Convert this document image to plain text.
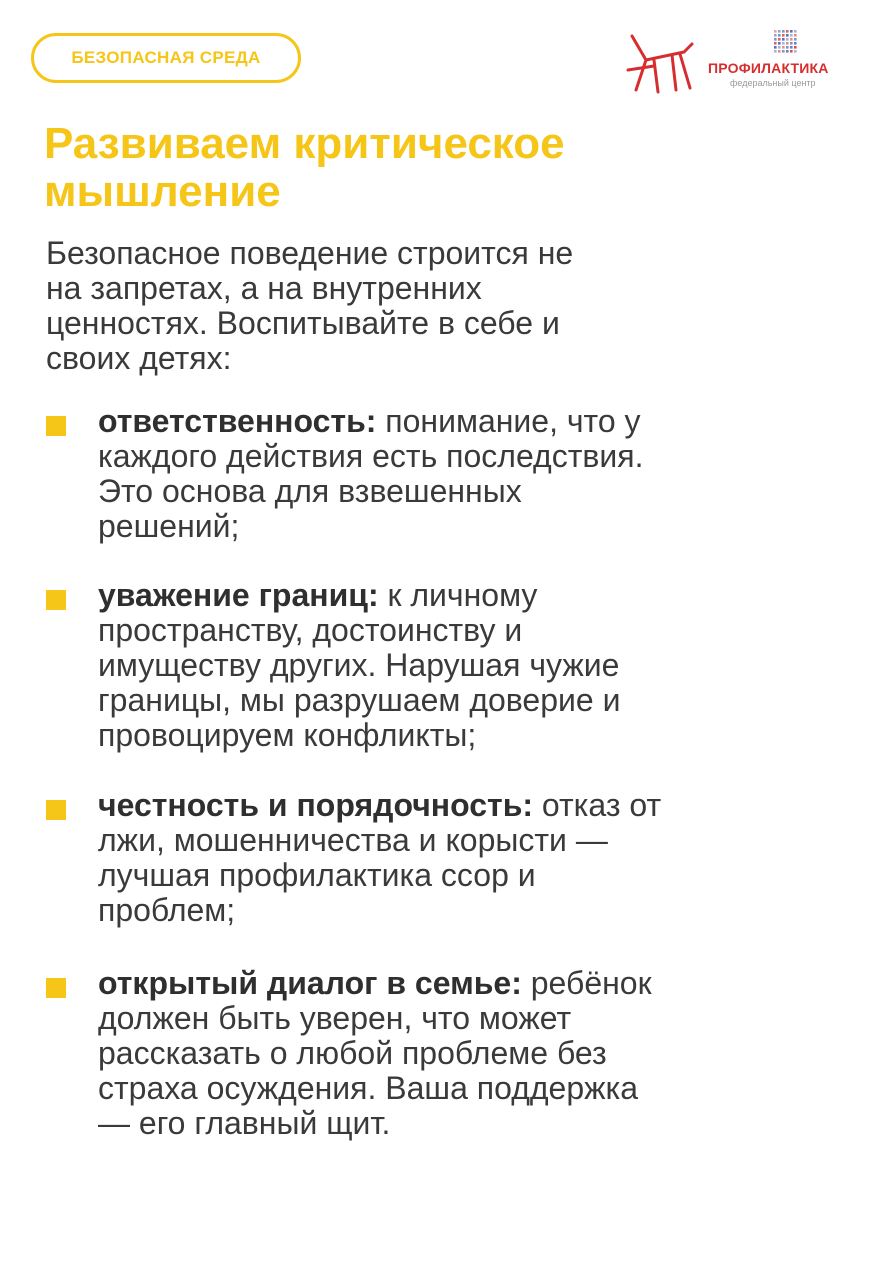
БЕЗОПАСНАЯ СРЕДА
ПРОФИЛАКТИКА
федеральный центр
Развиваем критическое
мышление

Безопасное поведение строится не
на запретах, а на внутренних
ценностях. Воспитывайте в себе и
своих детях:

ответственность: понимание, что у
каждого действия есть последствия.
Это основа для взвешенных
решений;
уважение границ: к личному
пространству, достоинству и
имуществу других. Нарушая чужие
границы, мы разрушаем доверие и
провоцируем конфликты;
честность и порядочность: отказ от
лжи, мошенничества и корысти —
лучшая профилактика ссор и
проблем;
открытый диалог в семье: ребёнок
должен быть уверен, что может
рассказать о любой проблеме без
страха осуждения. Ваша поддержка
— его главный щит.
